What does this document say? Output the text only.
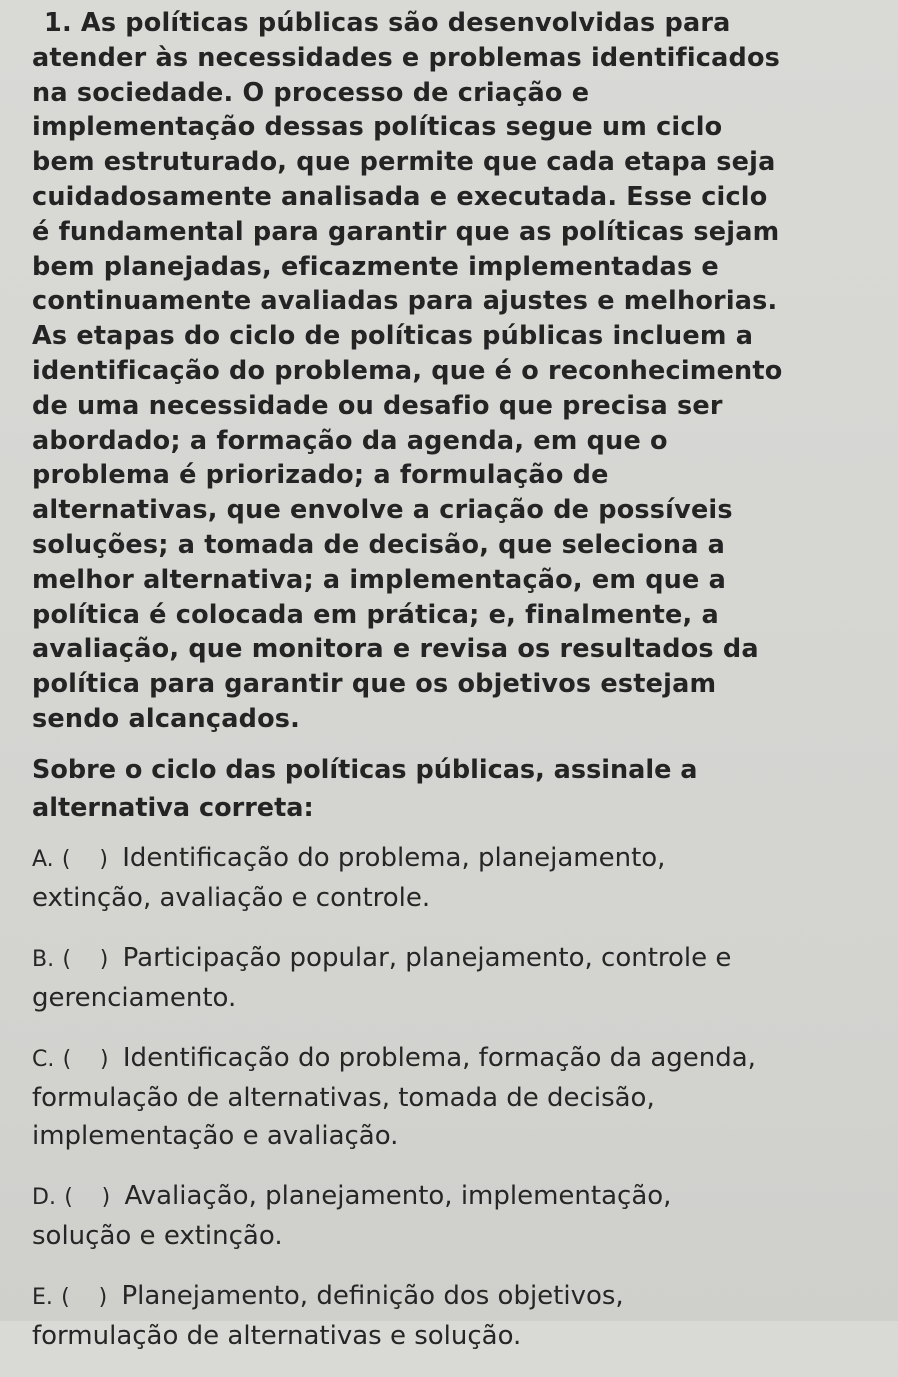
1. As políticas públicas são desenvolvidas para
atender às necessidades e problemas identificados
na sociedade. O processo de criação e
implementação dessas políticas segue um ciclo
bem estruturado, que permite que cada etapa seja
cuidadosamente analisada e executada. Esse ciclo
é fundamental para garantir que as políticas sejam
bem planejadas, eficazmente implementadas e
continuamente avaliadas para ajustes e melhorias.
As etapas do ciclo de políticas públicas incluem a
identificação do problema, que é o reconhecimento
de uma necessidade ou desafio que precisa ser
abordado; a formação da agenda, em que o
problema é priorizado; a formulação de
alternativas, que envolve a criação de possíveis
soluções; a tomada de decisão, que seleciona a
melhor alternativa; a implementação, em que a
política é colocada em prática; e, finalmente, a
avaliação, que monitora e revisa os resultados da
política para garantir que os objetivos estejam
sendo alcançados.
Sobre o ciclo das políticas públicas, assinale a
alternativa correta:
A. ( ) Identificação do problema, planejamento,
extinção, avaliação e controle.
B. ( ) Participação popular, planejamento, controle e
gerenciamento.
C. ( ) Identificação do problema, formação da agenda,
formulação de alternativas, tomada de decisão,
implementação e avaliação.
D. ( ) Avaliação, planejamento, implementação,
solução e extinção.
E. ( ) Planejamento, definição dos objetivos,
formulação de alternativas e solução.
